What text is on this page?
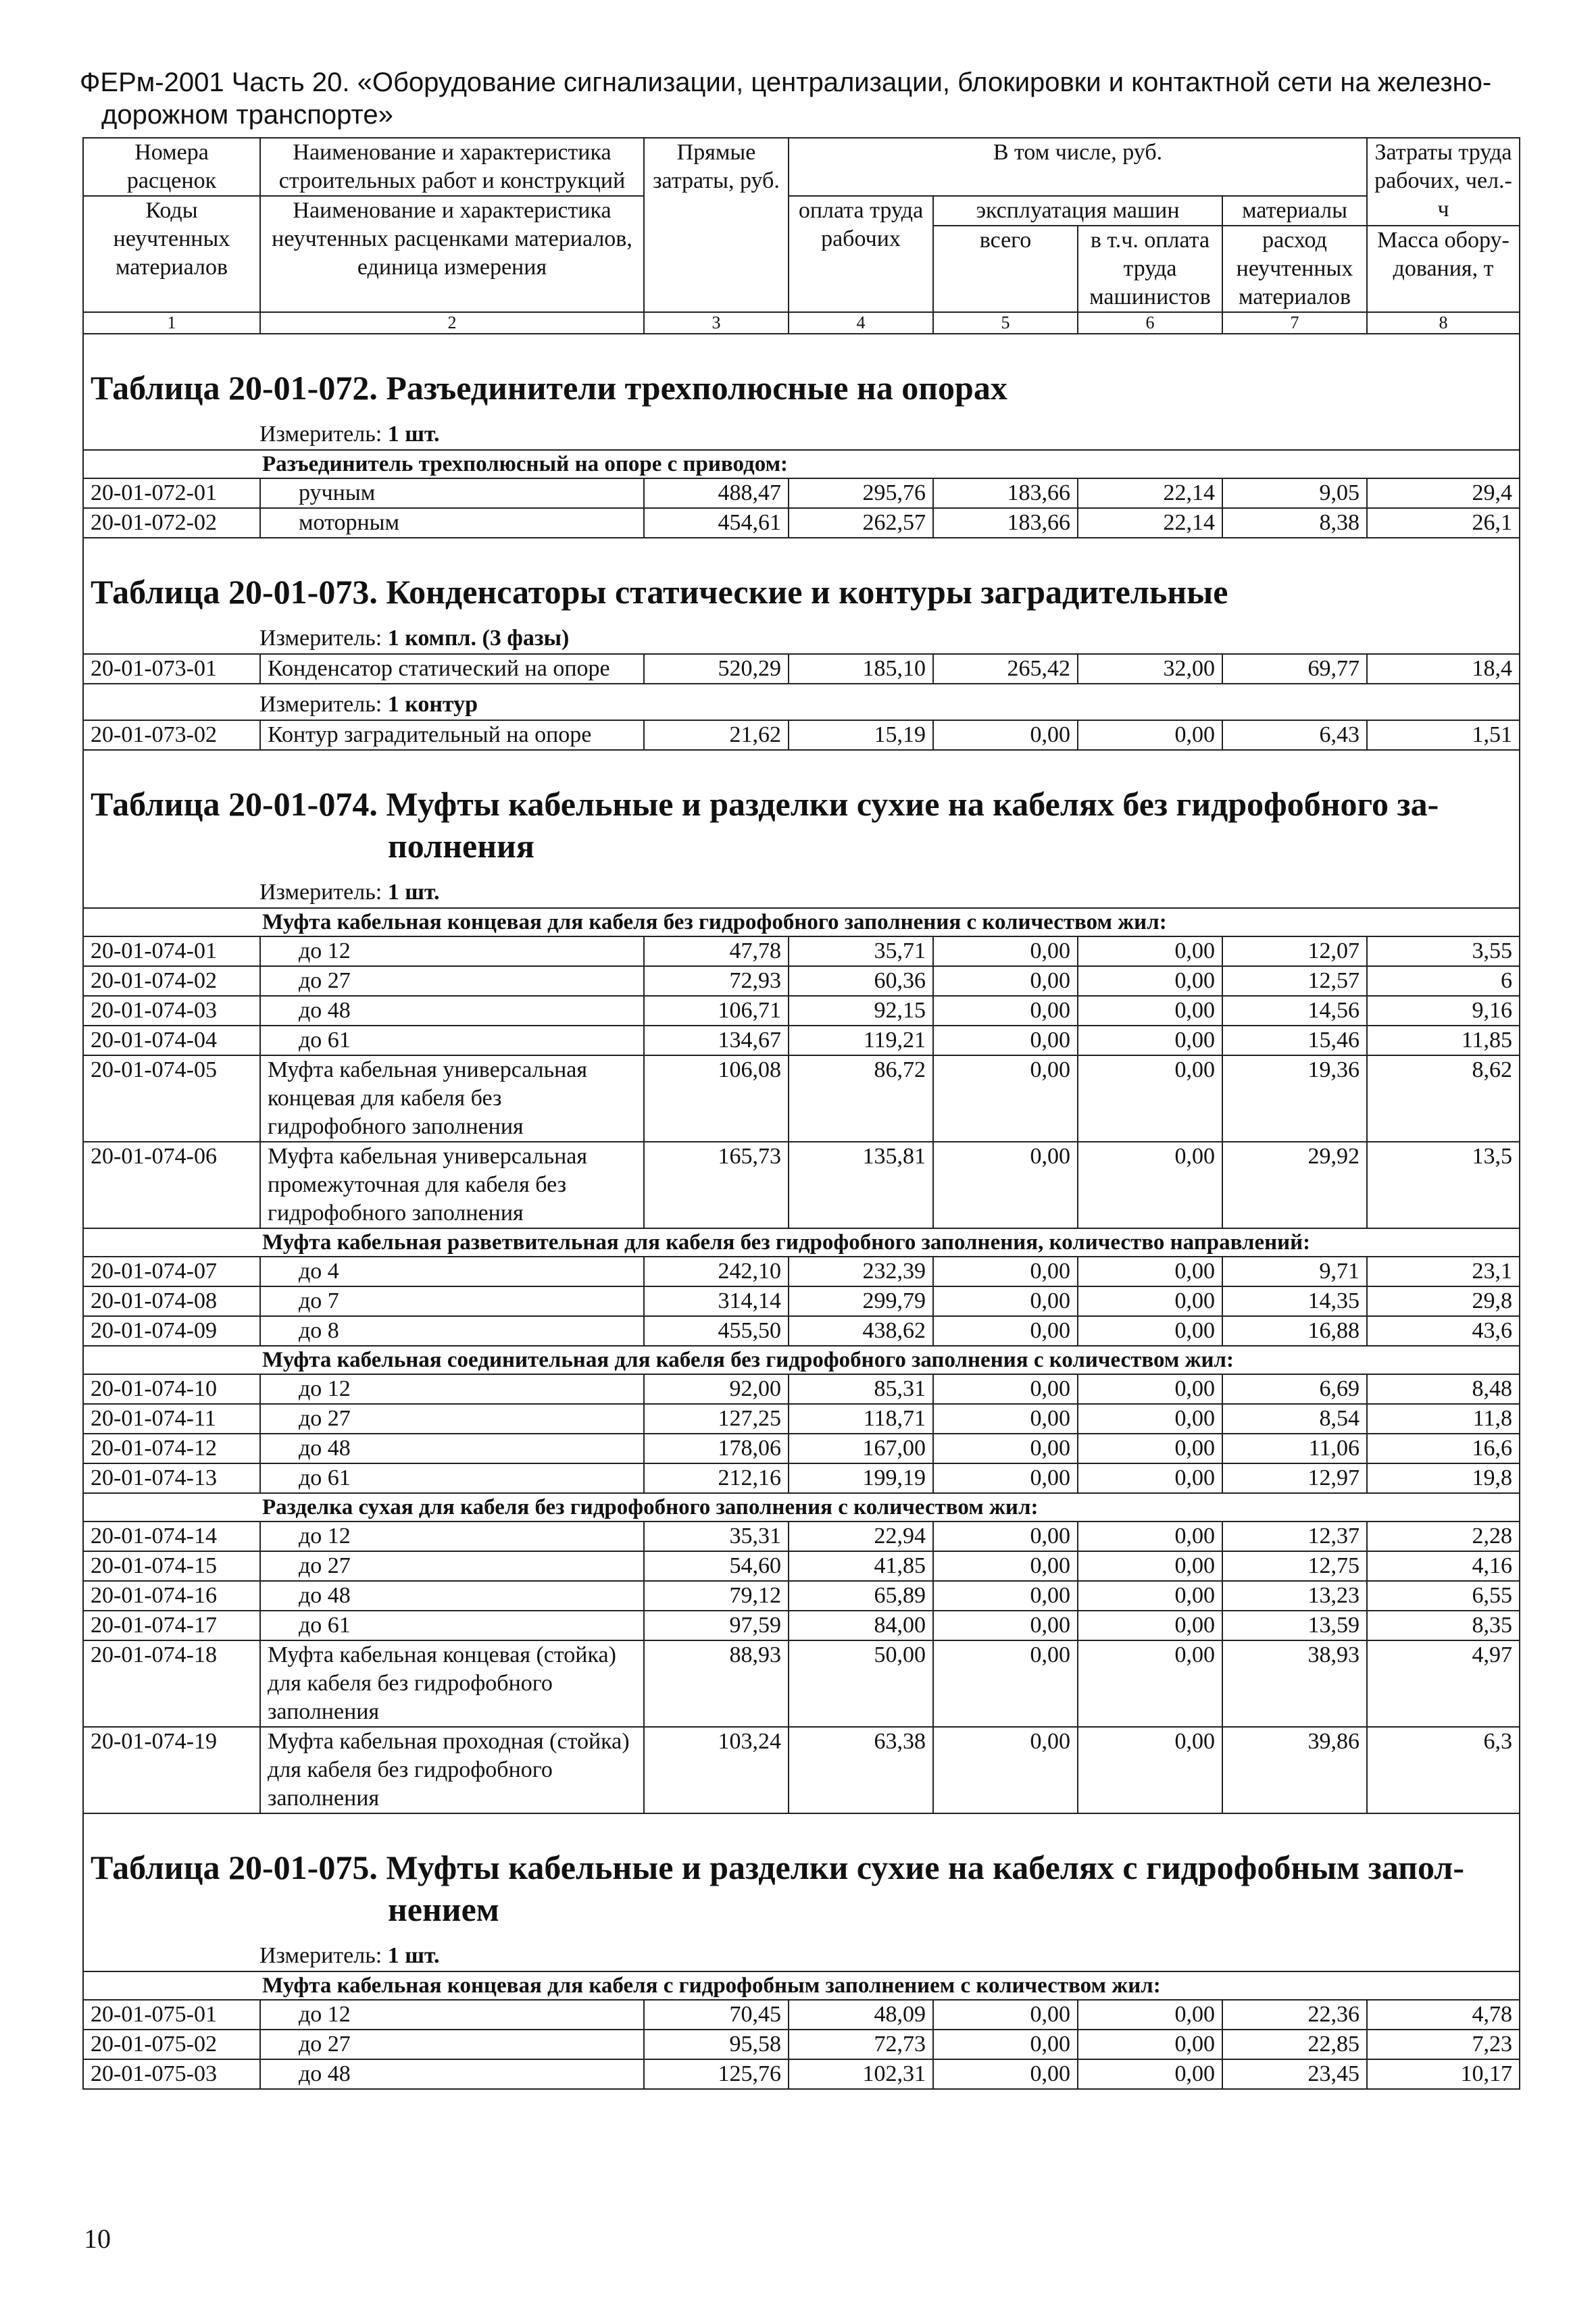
ФЕРм-2001 Часть 20. «Оборудование сигнализации, централизации, блокировки и контактной сети на железно-
дорожном транспорте»
Номера расценок	Наименование и характеристика строительных работ и конструкций	Прямые затраты, руб.	В том числе, руб.				Затраты труда рабочих, чел.-ч
Коды неучтенных материалов	Наименование и характеристика неучтенных расценками материалов, единица измерения		оплата труда рабочих	эксплуатация машин		материалы	
				всего	в т.ч. оплата труда машинистов	расход неучтенных материалов	Масса обору-дования, т

1	2	3	4	5	6	7	8

Таблица 20-01-072. Разъединители трехполюсные на опорах							
Измеритель: 1 шт.							
Разъединитель трехполюсный на опоре с приводом:							
20-01-072-01	ручным	488,47	295,76	183,66	22,14	9,05	29,4
20-01-072-02	моторным	454,61	262,57	183,66	22,14	8,38	26,1

Таблица 20-01-073. Конденсаторы статические и контуры заградительные							
Измеритель: 1 компл. (3 фазы)							
20-01-073-01	Конденсатор статический на опоре	520,29	185,10	265,42	32,00	69,77	18,4
Измеритель: 1 контур							
20-01-073-02	Контур заградительный на опоре	21,62	15,19	0,00	0,00	6,43	1,51

Таблица 20-01-074. Муфты кабельные и разделки сухие на кабелях без гидрофобного за-
полнения							

Измеритель: 1 шт.							
Муфта кабельная концевая для кабеля без гидрофобного заполнения с количеством жил:							
20-01-074-01	до 12	47,78	35,71	0,00	0,00	12,07	3,55
20-01-074-02	до 27	72,93	60,36	0,00	0,00	12,57	6
20-01-074-03	до 48	106,71	92,15	0,00	0,00	14,56	9,16
20-01-074-04	до 61	134,67	119,21	0,00	0,00	15,46	11,85
20-01-074-05	Муфта кабельная универсальная концевая для кабеля без гидрофобного заполнения	106,08	86,72	0,00	0,00	19,36	8,62
20-01-074-06	Муфта кабельная универсальная промежуточная для кабеля без гидрофобного заполнения	165,73	135,81	0,00	0,00	29,92	13,5
Муфта кабельная разветвительная для кабеля без гидрофобного заполнения, количество направлений:							
20-01-074-07	до 4	242,10	232,39	0,00	0,00	9,71	23,1
20-01-074-08	до 7	314,14	299,79	0,00	0,00	14,35	29,8
20-01-074-09	до 8	455,50	438,62	0,00	0,00	16,88	43,6
Муфта кабельная соединительная для кабеля без гидрофобного заполнения с количеством жил:							
20-01-074-10	до 12	92,00	85,31	0,00	0,00	6,69	8,48
20-01-074-11	до 27	127,25	118,71	0,00	0,00	8,54	11,8
20-01-074-12	до 48	178,06	167,00	0,00	0,00	11,06	16,6
20-01-074-13	до 61	212,16	199,19	0,00	0,00	12,97	19,8
Разделка сухая для кабеля без гидрофобного заполнения с количеством жил:							
20-01-074-14	до 12	35,31	22,94	0,00	0,00	12,37	2,28
20-01-074-15	до 27	54,60	41,85	0,00	0,00	12,75	4,16
20-01-074-16	до 48	79,12	65,89	0,00	0,00	13,23	6,55
20-01-074-17	до 61	97,59	84,00	0,00	0,00	13,59	8,35
20-01-074-18	Муфта кабельная концевая (стойка) для кабеля без гидрофобного заполнения	88,93	50,00	0,00	0,00	38,93	4,97
20-01-074-19	Муфта кабельная проходная (стойка) для кабеля без гидрофобного заполнения	103,24	63,38	0,00	0,00	39,86	6,3

Таблица 20-01-075. Муфты кабельные и разделки сухие на кабелях с гидрофобным запол-
нением							

Измеритель: 1 шт.							
Муфта кабельная концевая для кабеля с гидрофобным заполнением с количеством жил:							
20-01-075-01	до 12	70,45	48,09	0,00	0,00	22,36	4,78
20-01-075-02	до 27	95,58	72,73	0,00	0,00	22,85	7,23
20-01-075-03	до 48	125,76	102,31	0,00	0,00	23,45	10,17
10
